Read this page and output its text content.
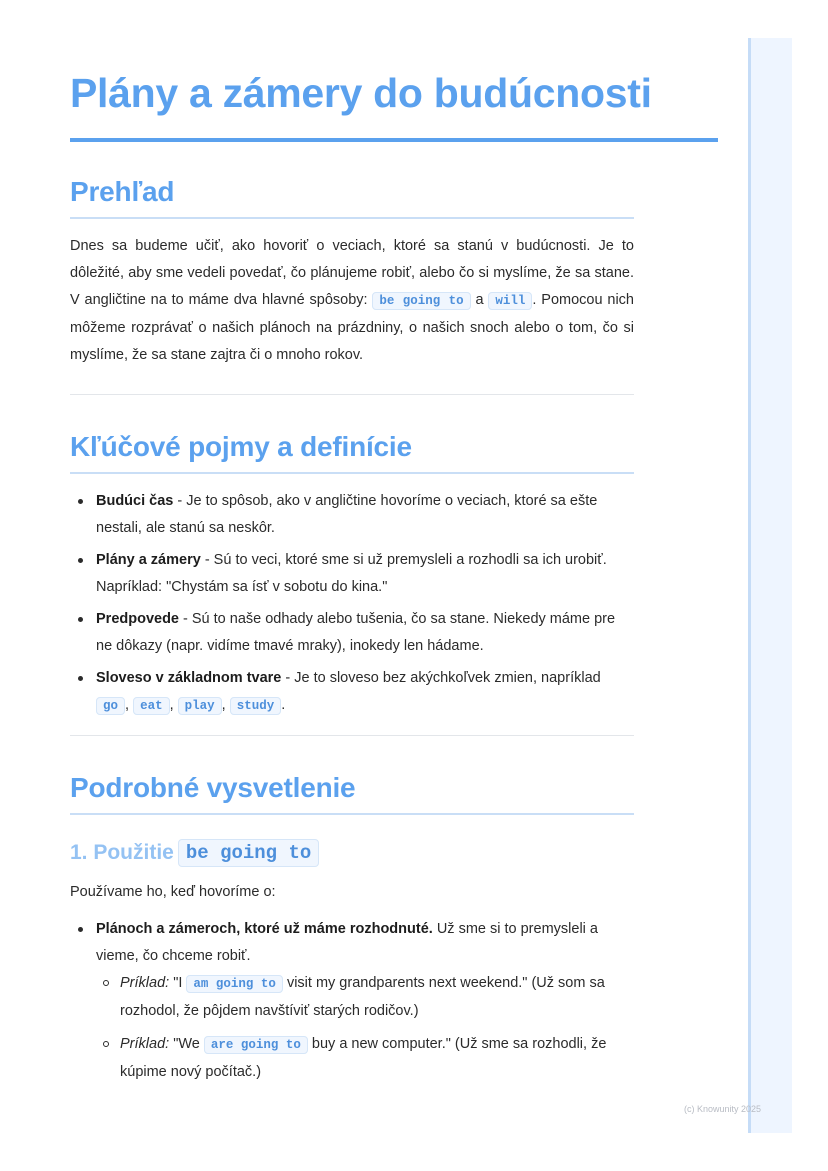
Plány a zámery do budúcnosti
Prehľad

Dnes sa budeme učiť, ako hovoriť o veciach, ktoré sa stanú v budúcnosti. Je to dôležité, aby sme vedeli povedať, čo plánujeme robiť, alebo čo si myslíme, že sa stane. V angličtine na to máme dva hlavné spôsoby: be going to a will . Pomocou nich môžeme rozprávať o našich plánoch na prázdniny, o našich snoch alebo o tom, čo si myslíme, že sa stane zajtra či o mnoho rokov.

Kľúčové pojmy a definície
Budúci čas - Je to spôsob, ako v angličtine hovoríme o veciach, ktoré sa ešte nestali, ale stanú sa neskôr.
Plány a zámery - Sú to veci, ktoré sme si už premysleli a rozhodli sa ich urobiť. Napríklad: "Chystám sa ísť v sobotu do kina."
Predpovede - Sú to naše odhady alebo tušenia, čo sa stane. Niekedy máme pre ne dôkazy (napr. vidíme tmavé mraky), inokedy len hádame.
Sloveso v základnom tvare - Je to sloveso bez akýchkoľvek zmien, napríklad go , eat , play , study .
Podrobné vysvetlenie
1. Použitie be going to

Používame ho, keď hovoríme o:

Plánoch a zámeroch, ktoré už máme rozhodnuté. Už sme si to premysleli a vieme, čo chceme robiť.
Príklad: "I am going to visit my grandparents next weekend." (Už som sa rozhodol, že pôjdem navštíviť starých rodičov.)
Príklad: "We are going to buy a new computer." (Už sme sa rozhodli, že kúpime nový počítač.)
(c) Knowunity 2025
